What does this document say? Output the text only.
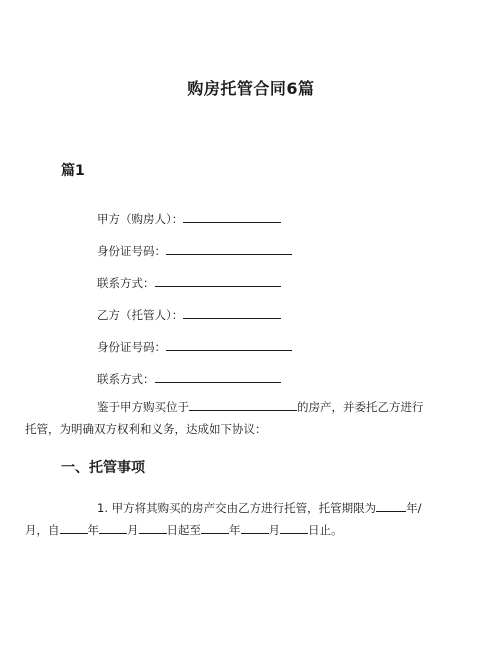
购房托管合同6篇
篇1
甲方（购房人）：
身份证号码：
联系方式：
乙方（托管人）：
身份证号码：
联系方式：

鉴于甲方购买位于	的房产，并委托乙方进行
托管，为明确双方权利和义务，达成如下协议：

一、托管事项

1. 甲方将其购买的房产交由乙方进行托管，托管期限为	年/
月，自 年 月 日起至 年 月 日止。
